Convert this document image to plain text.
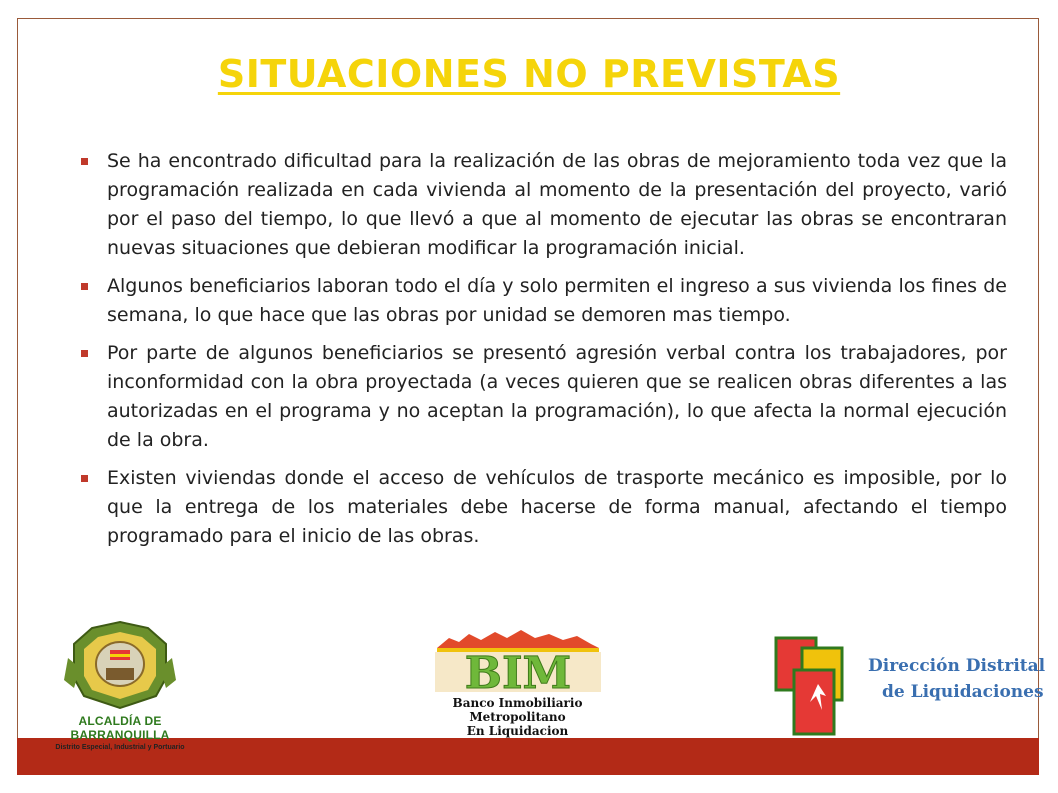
SITUACIONES NO PREVISTAS
Se ha encontrado dificultad para la realización de las obras de mejoramiento toda vez que la programación realizada en cada vivienda al momento de la presentación del proyecto, varió por el paso del tiempo, lo que llevó a que al momento de ejecutar las obras se encontraran nuevas situaciones que debieran modificar la programación inicial.
Algunos beneficiarios laboran todo el día y solo permiten el ingreso a sus vivienda los fines de semana, lo que hace que las obras por unidad se demoren mas tiempo.
Por parte de algunos beneficiarios se presentó agresión verbal contra los trabajadores, por inconformidad con la obra proyectada (a veces quieren que se realicen obras diferentes a las autorizadas en el programa y no aceptan la programación), lo que afecta la normal ejecución de la obra.
Existen viviendas donde el acceso de vehículos de trasporte mecánico es imposible, por lo que la entrega de los materiales debe hacerse de forma manual, afectando el tiempo programado para el inicio de las obras.
ALCALDÍA DE BARRANQUILLA
Distrito Especial, Industrial y Portuario
BIM
Banco Inmobiliario
Metropolitano
En Liquidacion
Dirección Distrital
de Liquidaciones
